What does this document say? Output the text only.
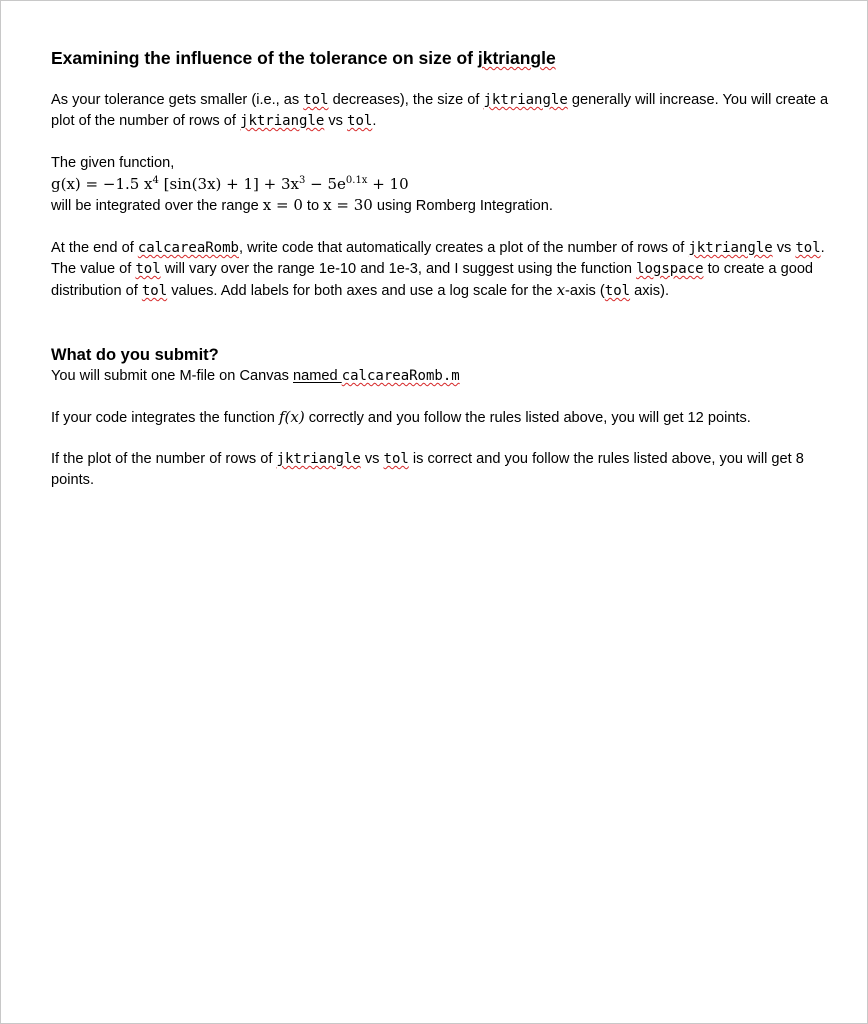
Examining the influence of the tolerance on size of jktriangle

As your tolerance gets smaller (i.e., as tol decreases), the size of jktriangle generally will increase. You will create a plot of the number of rows of jktriangle vs tol.

The given function,

g(x) = −1.5 $x^4$ $[\sin(3x) + 1] + 3x^3 - 5e^{0.1x} + 10$

will be integrated over the range x = 0 to x = 30 using Romberg Integration.

At the end of calcareaRomb, write code that automatically creates a plot of the number of rows of jktriangle vs tol. The value of tol will vary over the range 1e-10 and 1e-3, and I suggest using the function logspace to create a good distribution of tol values. Add labels for both axes and use a log scale for the x-axis (tol axis).

What do you submit?

You will submit one M-file on Canvas named calcareaRomb.m

If your code integrates the function f(x) correctly and you follow the rules listed above, you will get 12 points.

If the plot of the number of rows of jktriangle vs tol is correct and you follow the rules listed above, you will get 8 points.
